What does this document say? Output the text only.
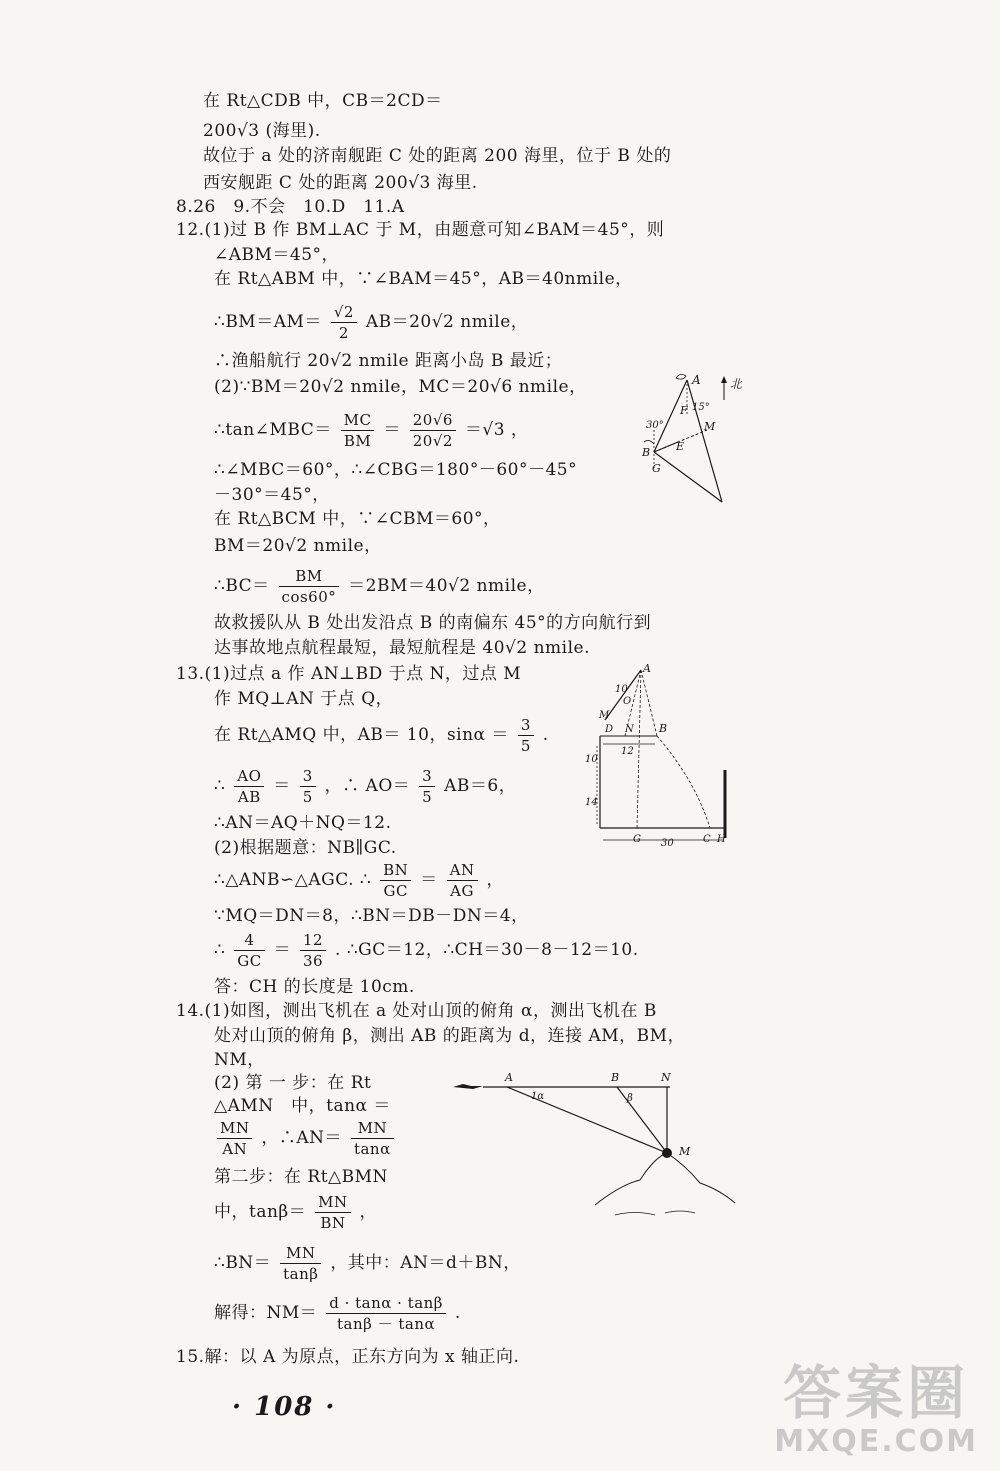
在 Rt△CDB 中，CB＝2CD＝
200√3 (海里).
故位于 a 处的济南舰距 C 处的距离 200 海里，位于 B 处的
西安舰距 C 处的距离 200√3 海里.
8.26　9.不会　10.D　11.A
12.(1)过 B 作 BM⊥AC 于 M，由题意可知∠BAM＝45°，则
∠ABM＝45°，
在 Rt△ABM 中，∵∠BAM＝45°，AB＝40nmile，
∴BM＝AM＝ $\frac{√2}{2} AB=20√2$ nmile，
∴渔船航行 20√2 nmile 距离小岛 B 最近；
(2)∵BM＝20√2 nmile，MC＝20√6 nmile，
∴tan∠MBC＝ $\frac{MC}{BM} = \frac{20√6}{20√2} =√3$ ，
∴∠MBC＝60°，∴∠CBG＝180°－60°－45°
－30°＝45°，
在 Rt△BCM 中，∵∠CBM＝60°，
BM＝20√2 nmile，
∴BC＝ $\frac{BM}{\cos 60^\circ} =2BM=40√2$ nmile，
故救援队从 B 处出发沿点 B 的南偏东 45°的方向航行到
达事故地点航程最短，最短航程是 40√2 nmile.
13.(1)过点 a 作 AN⊥BD 于点 N，过点 M
作 MQ⊥AN 于点 Q，
在 Rt△AMQ 中，AB＝ 10，$\sin\alpha = \frac{3}{5}$ .
∴ $\frac{AO}{AB} = \frac{3}{5}$ ，∴ $AO= \frac{3}{5} AB=6$，
∴AN＝AQ＋NQ＝12.
(2)根据题意：NB∥GC.
∴△ANB∽△AGC. ∴ $\frac{BN}{GC} = \frac{AN}{AG}$ ，
∵MQ＝DN＝8，∴BN＝DB－DN＝4，
∴ $\frac{4}{GC} = \frac{12}{36}$ . ∴GC＝12，∴CH＝30－8－12＝10.
答：CH 的长度是 10cm.
14.(1)如图，测出飞机在 a 处对山顶的俯角 α，测出飞机在 B
处对山顶的俯角 β，测出 AB 的距离为 d，连接 AM，BM，
NM，
(2) 第 一 步：在 Rt
△AMN　中，tanα ＝
$\frac{MN}{AN}$ ，∴AN＝ $\frac{MN}{\tan\alpha}$
第二步：在 Rt△BMN
中，$\tan\beta= \frac{MN}{BN}$ ，
∴BN＝ $\frac{MN}{\tan\beta}$ ，其中：AN＝d＋BN，
解得：$NM= \frac{d \cdot \tan\alpha \cdot \tan\beta}{\tan\beta - \tan\alpha}$ .
15.解：以 A 为原点，正东方向为 x 轴正向.
A 北
F 15°
30°	M
B E
G
A
10
O
M
D N B
12
10
14
G 30	C H
A
1α
B
β
N
M
· 108 ·	答案圈
MXQE.COM
